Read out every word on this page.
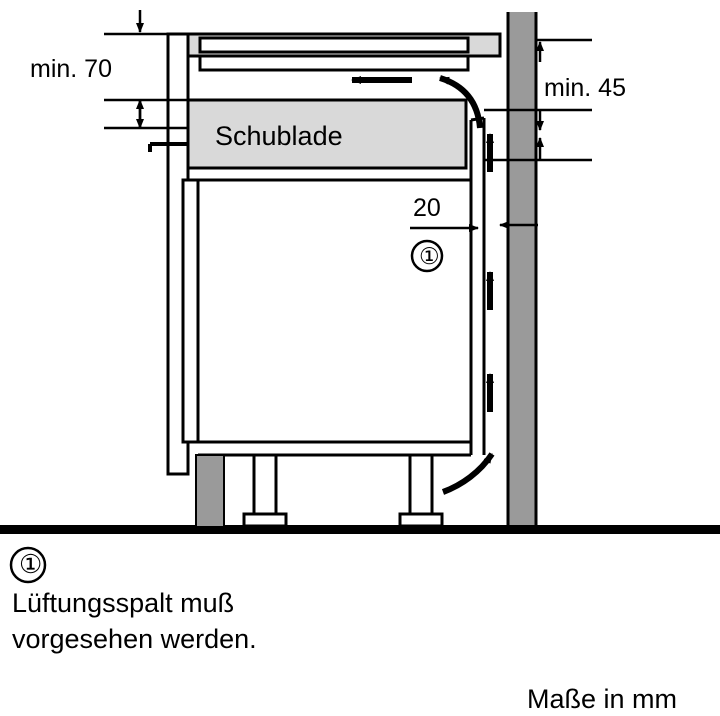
min. 70
min. 45
Schublade
20
①
①
Lüftungsspalt muß
vorgesehen werden.
Maße in mm
